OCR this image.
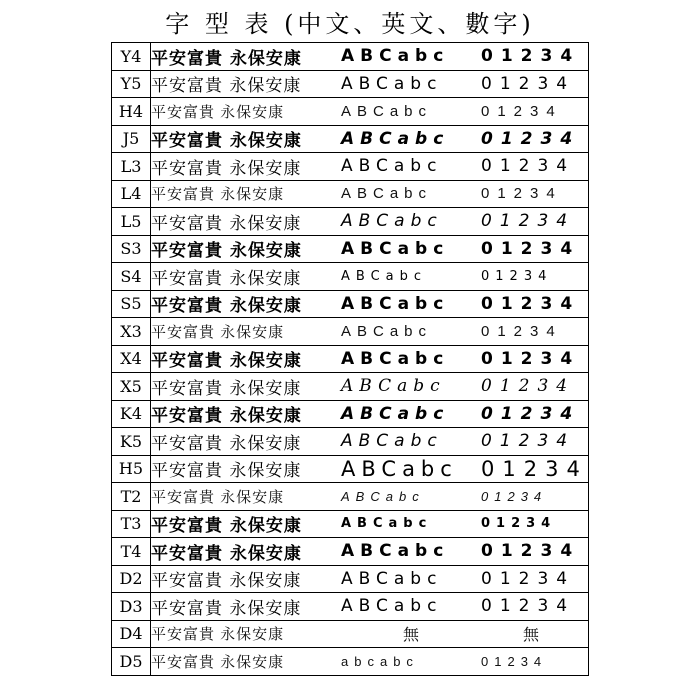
字 型 表 (中文、英文、數字)
Y4	平安富貴 永保安康 ABCabc 01234
Y5	平安富貴 永保安康 ABCabc 01234
H4	平安富貴 永保安康 ABCabc 01234
J5	平安富貴 永保安康 ABCabc 01234
L3	平安富貴 永保安康 ABCabc 01234
L4	平安富貴 永保安康 ABCabc 01234
L5	平安富貴 永保安康 ABCabc 01234
S3	平安富貴 永保安康 ABCabc 01234
S4	平安富貴 永保安康 ABCabc 01234
S5	平安富貴 永保安康 ABCabc 01234
X3	平安富貴 永保安康 ABCabc 01234
X4	平安富貴 永保安康 ABCabc 01234
X5	平安富貴 永保安康 ABCabc 01234
K4	平安富貴 永保安康 ABCabc 01234
K5	平安富貴 永保安康 ABCabc 01234
H5	平安富貴 永保安康 ABCabc 01234
T2	平安富貴 永保安康 ABCabc 01234
T3	平安富貴 永保安康 ABCabc 01234
T4	平安富貴 永保安康 ABCabc 01234
D2	平安富貴 永保安康 ABCabc 01234
D3	平安富貴 永保安康 ABCabc 01234
D4	平安富貴 永保安康 無 無
D5	平安富貴 永保安康 abcabc 01234
